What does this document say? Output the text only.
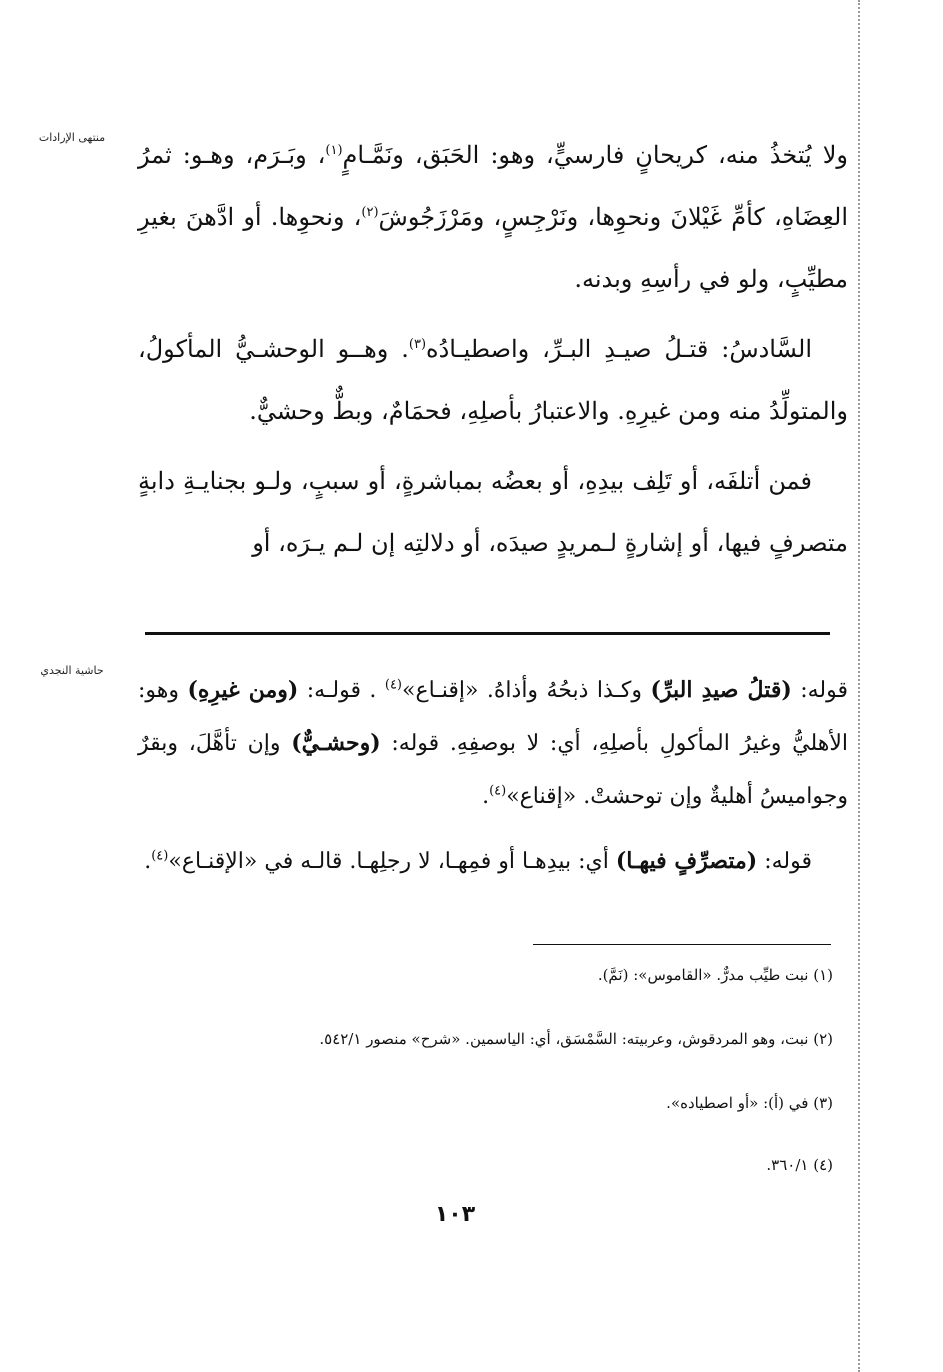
منتهى الإرادات
حاشية النجدي

ولا يُتخذُ منه، كريحانٍ فارسيٍّ، وهو: الحَبَق، ونَمَّـامٍ$^{(١)}$، وبَـرَم، وهـو: ثمرُ العِضَاهِ، كأمِّ غَيْلانَ ونحوِها، ونَرْجِسٍ، ومَرْزَجُوشَ$^{(٢)}$، ونحوِها. أو ادَّهنَ بغيرِ مطيِّبٍ، ولو في رأسِهِ وبدنه.

السَّادسُ: قتـلُ صيـدِ البـرِّ، واصطيـادُه$^{(٣)}$. وهــو الوحشـيُّ المأكولُ، والمتولِّدُ منه ومن غيرِهِ. والاعتبارُ بأصلِهِ، فحمَامٌ، وبطٌّ وحشيٌّ.

فمن أتلفَه، أو تَلِف بيدِهِ، أو بعضُه بمباشرةٍ، أو سببٍ، ولـو بجنايـةِ دابةٍ متصرفٍ فيها، أو إشارةٍ لـمريدٍ صيدَه، أو دلالتِه إن لـم يـرَه، أو

قوله: (قتلُ صيدِ البرِّ) وكـذا ذبحُهُ وأذاهُ. «إقنـاع»$^{(٤)}$ . قولـه: (ومن غيرِهِ) وهو: الأهليُّ وغيرُ المأكولِ بأصلِهِ، أي: لا بوصفِهِ. قوله: (وحشـيٌّ) وإن تأهَّلَ، وبقرٌ وجواميسُ أهليةٌ وإن توحشتْ. «إقناع»$^{(٤)}$.

قوله: (متصرِّفٍ فيهـا) أي: بيدِهـا أو فمِهـا، لا رجلِهـا. قالـه في «الإقنـاع»$^{(٤)}$.

(١) نبت طيِّب مدرٌّ. «القاموس»: (نَمَّ).
(٢) نبت، وهو المردقوش، وعربيته: السَّمْسَق، أي: الياسمين. «شرح» منصور ٥٤٢/١.
(٣) في (أ): «أو اصطياده».
(٤) ٣٦٠/١.
١٠٣
